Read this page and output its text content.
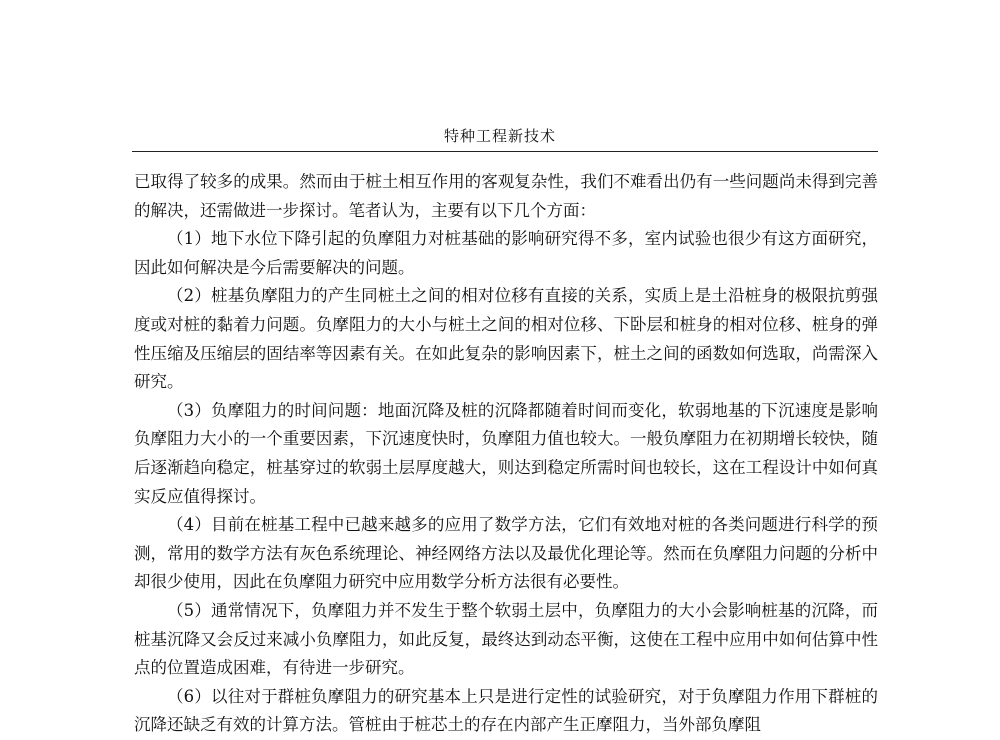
特种工程新技术

已取得了较多的成果。然而由于桩土相互作用的客观复杂性，我们不难看出仍有一些问题尚未得到完善的解决，还需做进一步探讨。笔者认为，主要有以下几个方面：

（1）地下水位下降引起的负摩阻力对桩基础的影响研究得不多，室内试验也很少有这方面研究，因此如何解决是今后需要解决的问题。

（2）桩基负摩阻力的产生同桩土之间的相对位移有直接的关系，实质上是土沿桩身的极限抗剪强度或对桩的黏着力问题。负摩阻力的大小与桩土之间的相对位移、下卧层和桩身的相对位移、桩身的弹性压缩及压缩层的固结率等因素有关。在如此复杂的影响因素下，桩土之间的函数如何选取，尚需深入研究。

（3）负摩阻力的时间问题：地面沉降及桩的沉降都随着时间而变化，软弱地基的下沉速度是影响负摩阻力大小的一个重要因素，下沉速度快时，负摩阻力值也较大。一般负摩阻力在初期增长较快，随后逐渐趋向稳定，桩基穿过的软弱土层厚度越大，则达到稳定所需时间也较长，这在工程设计中如何真实反应值得探讨。

（4）目前在桩基工程中已越来越多的应用了数学方法，它们有效地对桩的各类问题进行科学的预测，常用的数学方法有灰色系统理论、神经网络方法以及最优化理论等。然而在负摩阻力问题的分析中却很少使用，因此在负摩阻力研究中应用数学分析方法很有必要性。

（5）通常情况下，负摩阻力并不发生于整个软弱土层中，负摩阻力的大小会影响桩基的沉降，而桩基沉降又会反过来减小负摩阻力，如此反复，最终达到动态平衡，这使在工程中应用中如何估算中性点的位置造成困难，有待进一步研究。

（6）以往对于群桩负摩阻力的研究基本上只是进行定性的试验研究，对于负摩阻力作用下群桩的沉降还缺乏有效的计算方法。管桩由于桩芯土的存在内部产生正摩阻力，当外部负摩阻
